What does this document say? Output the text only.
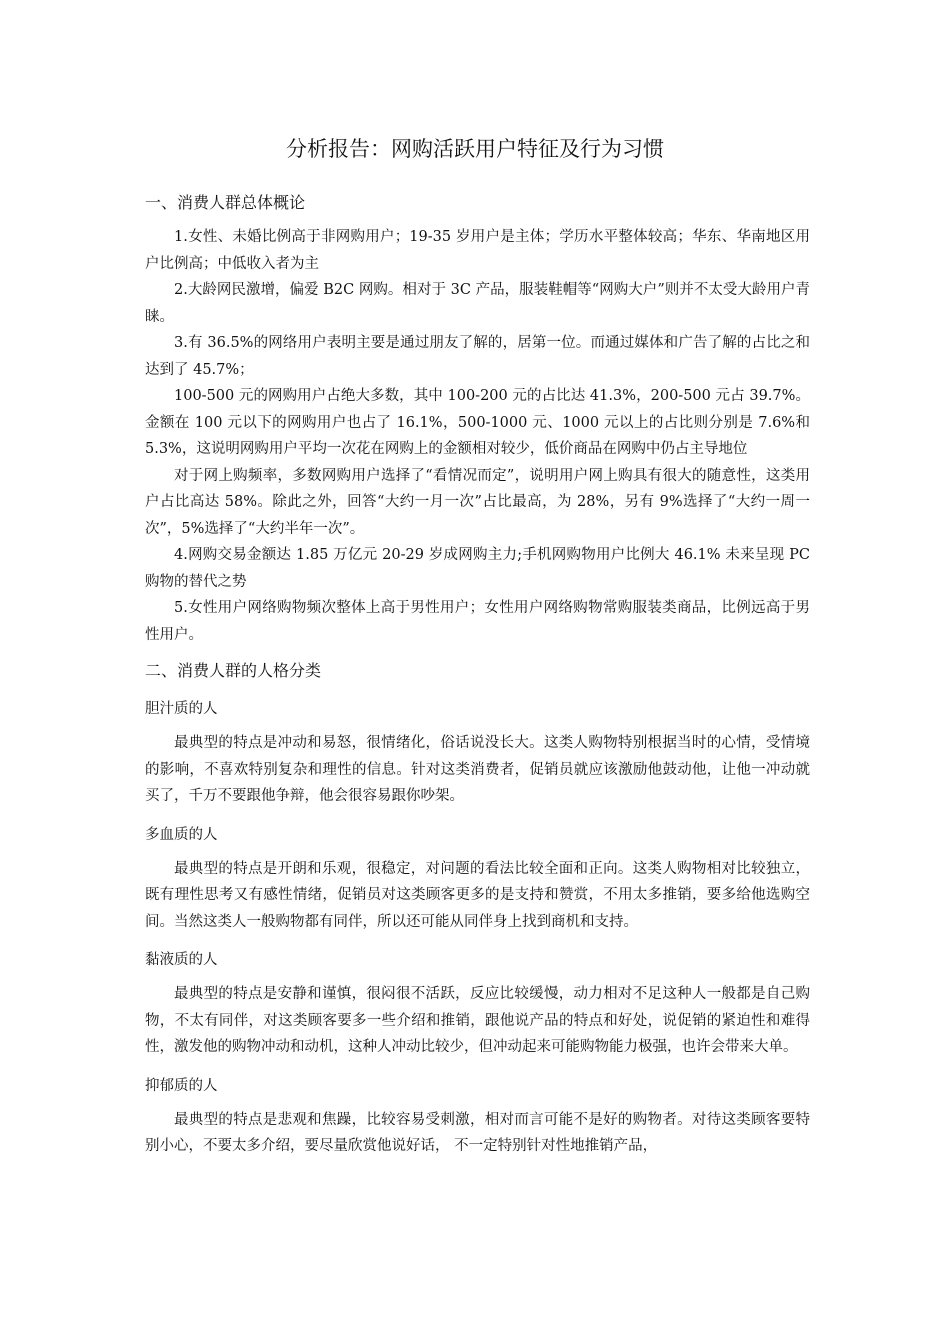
分析报告：网购活跃用户特征及行为习惯
一、消费人群总体概论

1.女性、未婚比例高于非网购用户；19-35 岁用户是主体；学历水平整体较高；华东、华南地区用户比例高；中低收入者为主

2.大龄网民激增，偏爱 B2C 网购。相对于 3C 产品，服装鞋帽等“网购大户”则并不太受大龄用户青睐。

3.有 36.5%的网络用户表明主要是通过朋友了解的，居第一位。而通过媒体和广告了解的占比之和达到了 45.7%；

100-500 元的网购用户占绝大多数，其中 100-200 元的占比达 41.3%，200-500 元占 39.7%。金额在 100 元以下的网购用户也占了 16.1%，500-1000 元、1000 元以上的占比则分别是 7.6%和 5.3%，这说明网购用户平均一次花在网购上的金额相对较少，低价商品在网购中仍占主导地位

对于网上购频率，多数网购用户选择了“看情况而定”，说明用户网上购具有很大的随意性，这类用户占比高达 58%。除此之外，回答“大约一月一次”占比最高，为 28%，另有 9%选择了“大约一周一次”，5%选择了“大约半年一次”。

4.网购交易金额达 1.85 万亿元 20-29 岁成网购主力;手机网购物用户比例大 46.1% 未来呈现 PC 购物的替代之势

5.女性用户网络购物频次整体上高于男性用户；女性用户网络购物常购服装类商品，比例远高于男性用户。

二、消费人群的人格分类
胆汁质的人

最典型的特点是冲动和易怒，很情绪化，俗话说没长大。这类人购物特别根据当时的心情，受情境的影响，不喜欢特别复杂和理性的信息。针对这类消费者，促销员就应该激励他鼓动他，让他一冲动就买了，千万不要跟他争辩，他会很容易跟你吵架。

多血质的人

最典型的特点是开朗和乐观，很稳定，对问题的看法比较全面和正向。这类人购物相对比较独立，既有理性思考又有感性情绪，促销员对这类顾客更多的是支持和赞赏，不用太多推销，要多给他选购空间。当然这类人一般购物都有同伴，所以还可能从同伴身上找到商机和支持。

黏液质的人

最典型的特点是安静和谨慎，很闷很不活跃，反应比较缓慢，动力相对不足这种人一般都是自己购物，不太有同伴，对这类顾客要多一些介绍和推销，跟他说产品的特点和好处，说促销的紧迫性和难得性，激发他的购物冲动和动机，这种人冲动比较少，但冲动起来可能购物能力极强，也许会带来大单。

抑郁质的人

最典型的特点是悲观和焦躁，比较容易受刺激，相对而言可能不是好的购物者。对待这类顾客要特别小心，不要太多介绍，要尽量欣赏他说好话， 不一定特别针对性地推销产品，
